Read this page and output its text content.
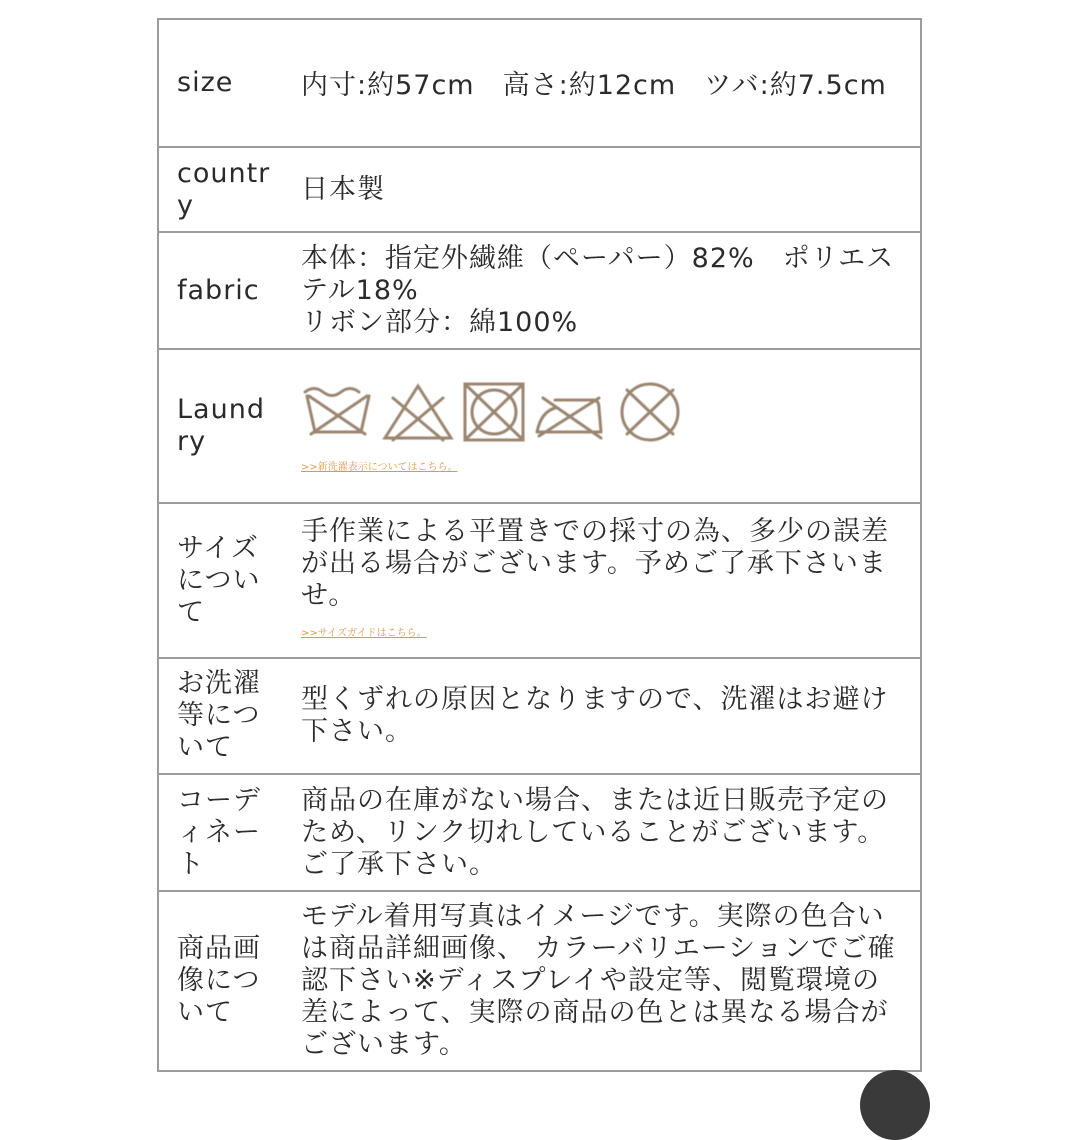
size	内寸:約57cm　高さ:約12cm　ツバ:約7.5cm
country	日本製
fabric	本体：指定外繊維（ペーパー）82%　ポリエステル18%
リボン部分：綿100%

Laundry	>>新洗濯表示についてはこちら。
サイズについて	手作業による平置きでの採寸の為、多少の誤差が出る場合がございます。予めご了承下さいませ。
>>サイズガイドはこちら。
お洗濯等について	型くずれの原因となりますので、洗濯はお避け下さい。
コーディネート	商品の在庫がない場合、または近日販売予定のため、リンク切れしていることがございます。ご了承下さい。
商品画像について	モデル着用写真はイメージです。実際の色合いは商品詳細画像、 カラーバリエーションでご確認下さい※ディスプレイや設定等、閲覧環境の差によって、実際の商品の色とは異なる場合がございます。
